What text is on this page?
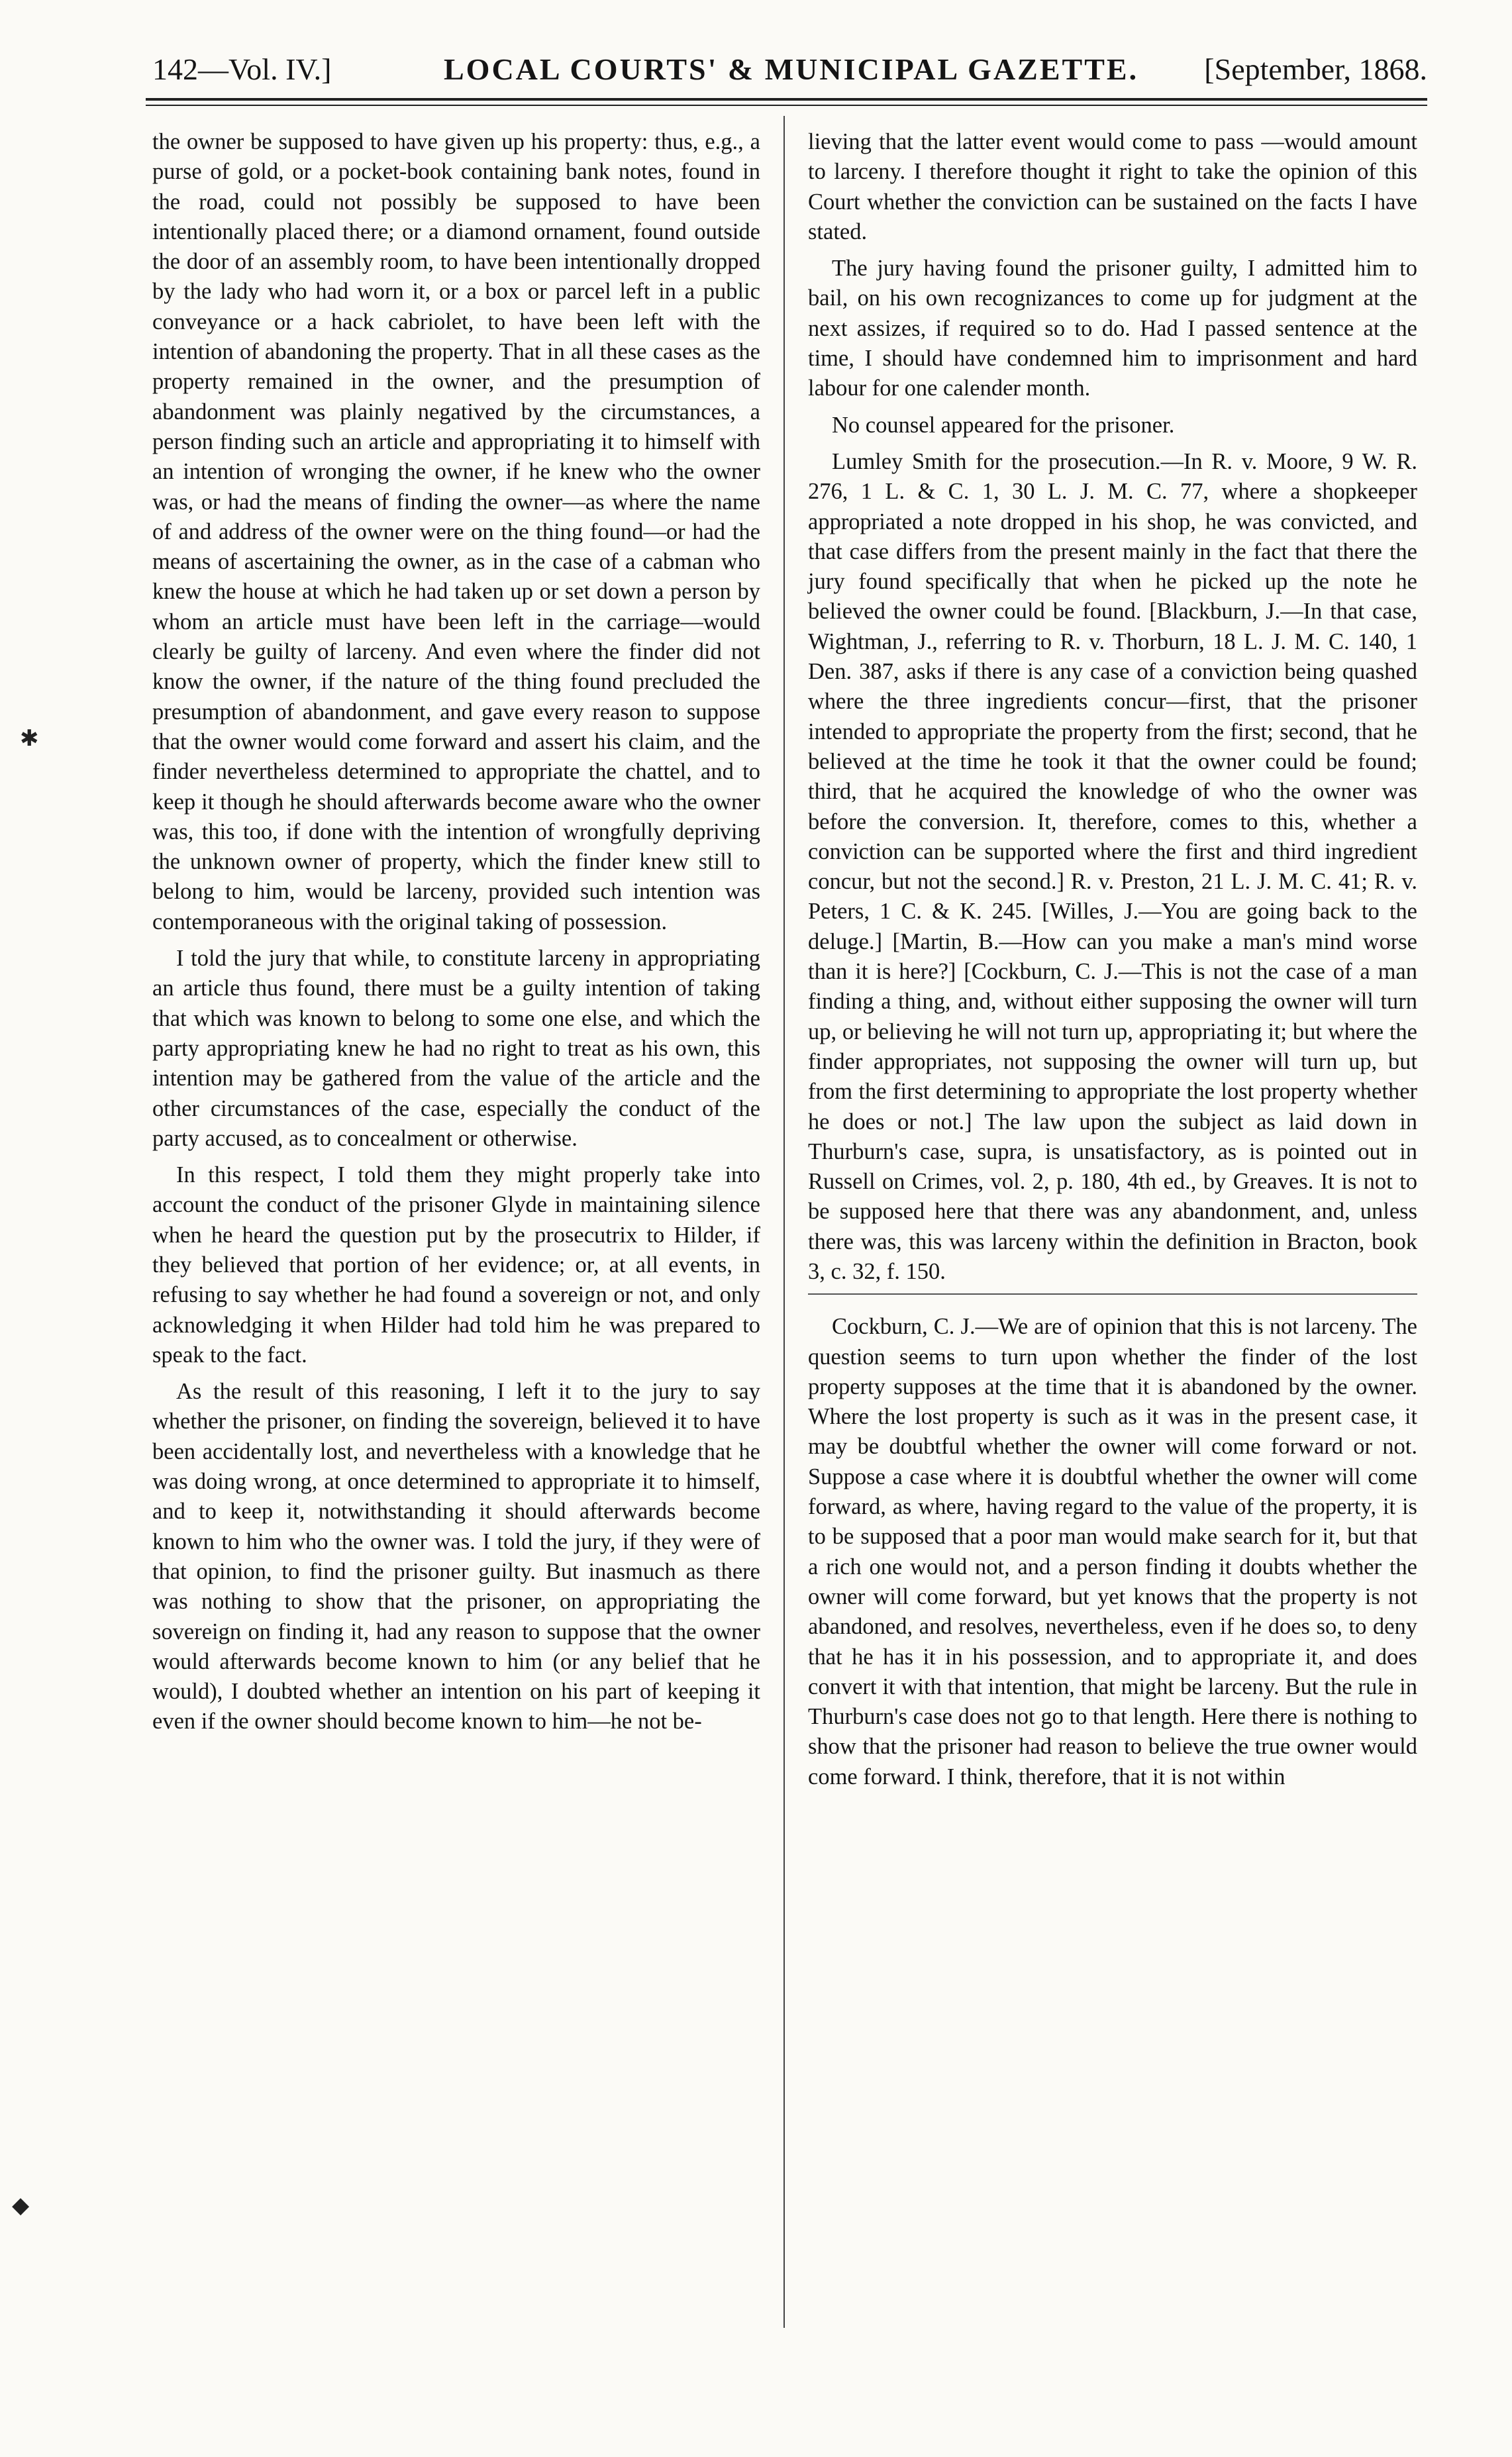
142—Vol. IV.]	LOCAL COURTS' & MUNICIPAL GAZETTE. [September, 1868.
✱
◆

the owner be supposed to have given up his property: thus, e.g., a purse of gold, or a pocket-book containing bank notes, found in the road, could not possibly be supposed to have been intentionally placed there; or a diamond ornament, found outside the door of an assembly room, to have been intentionally dropped by the lady who had worn it, or a box or parcel left in a public conveyance or a hack cabriolet, to have been left with the intention of abandoning the property. That in all these cases as the property remained in the owner, and the presumption of abandonment was plainly negatived by the circumstances, a person finding such an article and appropriating it to himself with an intention of wronging the owner, if he knew who the owner was, or had the means of finding the owner—as where the name of and address of the owner were on the thing found—or had the means of ascertaining the owner, as in the case of a cabman who knew the house at which he had taken up or set down a person by whom an article must have been left in the carriage—would clearly be guilty of larceny. And even where the finder did not know the owner, if the nature of the thing found precluded the presumption of abandonment, and gave every reason to suppose that the owner would come forward and assert his claim, and the finder nevertheless determined to appropriate the chattel, and to keep it though he should afterwards become aware who the owner was, this too, if done with the intention of wrongfully depriving the unknown owner of property, which the finder knew still to belong to him, would be larceny, provided such intention was contemporaneous with the original taking of possession.

I told the jury that while, to constitute larceny in appropriating an article thus found, there must be a guilty intention of taking that which was known to belong to some one else, and which the party appropriating knew he had no right to treat as his own, this intention may be gathered from the value of the article and the other circumstances of the case, especially the conduct of the party accused, as to concealment or otherwise.

In this respect, I told them they might properly take into account the conduct of the prisoner Glyde in maintaining silence when he heard the question put by the prosecutrix to Hilder, if they believed that portion of her evidence; or, at all events, in refusing to say whether he had found a sovereign or not, and only acknowledging it when Hilder had told him he was prepared to speak to the fact.

As the result of this reasoning, I left it to the jury to say whether the prisoner, on finding the sovereign, believed it to have been accidentally lost, and nevertheless with a knowledge that he was doing wrong, at once determined to appropriate it to himself, and to keep it, notwithstanding it should afterwards become known to him who the owner was. I told the jury, if they were of that opinion, to find the prisoner guilty. But inasmuch as there was nothing to show that the prisoner, on appropriating the sovereign on finding it, had any reason to suppose that the owner would afterwards become known to him (or any belief that he would), I doubted whether an intention on his part of keeping it even if the owner should become known to him—he not be-

lieving that the latter event would come to pass —would amount to larceny. I therefore thought it right to take the opinion of this Court whether the conviction can be sustained on the facts I have stated.

The jury having found the prisoner guilty, I admitted him to bail, on his own recognizances to come up for judgment at the next assizes, if required so to do. Had I passed sentence at the time, I should have condemned him to imprisonment and hard labour for one calender month.

No counsel appeared for the prisoner.

Lumley Smith for the prosecution.—In R. v. Moore, 9 W. R. 276, 1 L. & C. 1, 30 L. J. M. C. 77, where a shopkeeper appropriated a note dropped in his shop, he was convicted, and that case differs from the present mainly in the fact that there the jury found specifically that when he picked up the note he believed the owner could be found. [Blackburn, J.—In that case, Wightman, J., referring to R. v. Thorburn, 18 L. J. M. C. 140, 1 Den. 387, asks if there is any case of a conviction being quashed where the three ingredients concur—first, that the prisoner intended to appropriate the property from the first; second, that he believed at the time he took it that the owner could be found; third, that he acquired the knowledge of who the owner was before the conversion. It, therefore, comes to this, whether a conviction can be supported where the first and third ingredient concur, but not the second.] R. v. Preston, 21 L. J. M. C. 41; R. v. Peters, 1 C. & K. 245. [Willes, J.—You are going back to the deluge.] [Martin, B.—How can you make a man's mind worse than it is here?] [Cockburn, C. J.—This is not the case of a man finding a thing, and, without either supposing the owner will turn up, or believing he will not turn up, appropriating it; but where the finder appropriates, not supposing the owner will turn up, but from the first determining to appropriate the lost property whether he does or not.] The law upon the subject as laid down in Thurburn's case, supra, is unsatisfactory, as is pointed out in Russell on Crimes, vol. 2, p. 180, 4th ed., by Greaves. It is not to be supposed here that there was any abandonment, and, unless there was, this was larceny within the definition in Bracton, book 3, c. 32, f. 150.

Cockburn, C. J.—We are of opinion that this is not larceny. The question seems to turn upon whether the finder of the lost property supposes at the time that it is abandoned by the owner. Where the lost property is such as it was in the present case, it may be doubtful whether the owner will come forward or not. Suppose a case where it is doubtful whether the owner will come forward, as where, having regard to the value of the property, it is to be supposed that a poor man would make search for it, but that a rich one would not, and a person finding it doubts whether the owner will come forward, but yet knows that the property is not abandoned, and resolves, nevertheless, even if he does so, to deny that he has it in his possession, and to appropriate it, and does convert it with that intention, that might be larceny. But the rule in Thurburn's case does not go to that length. Here there is nothing to show that the prisoner had reason to believe the true owner would come forward. I think, therefore, that it is not within
